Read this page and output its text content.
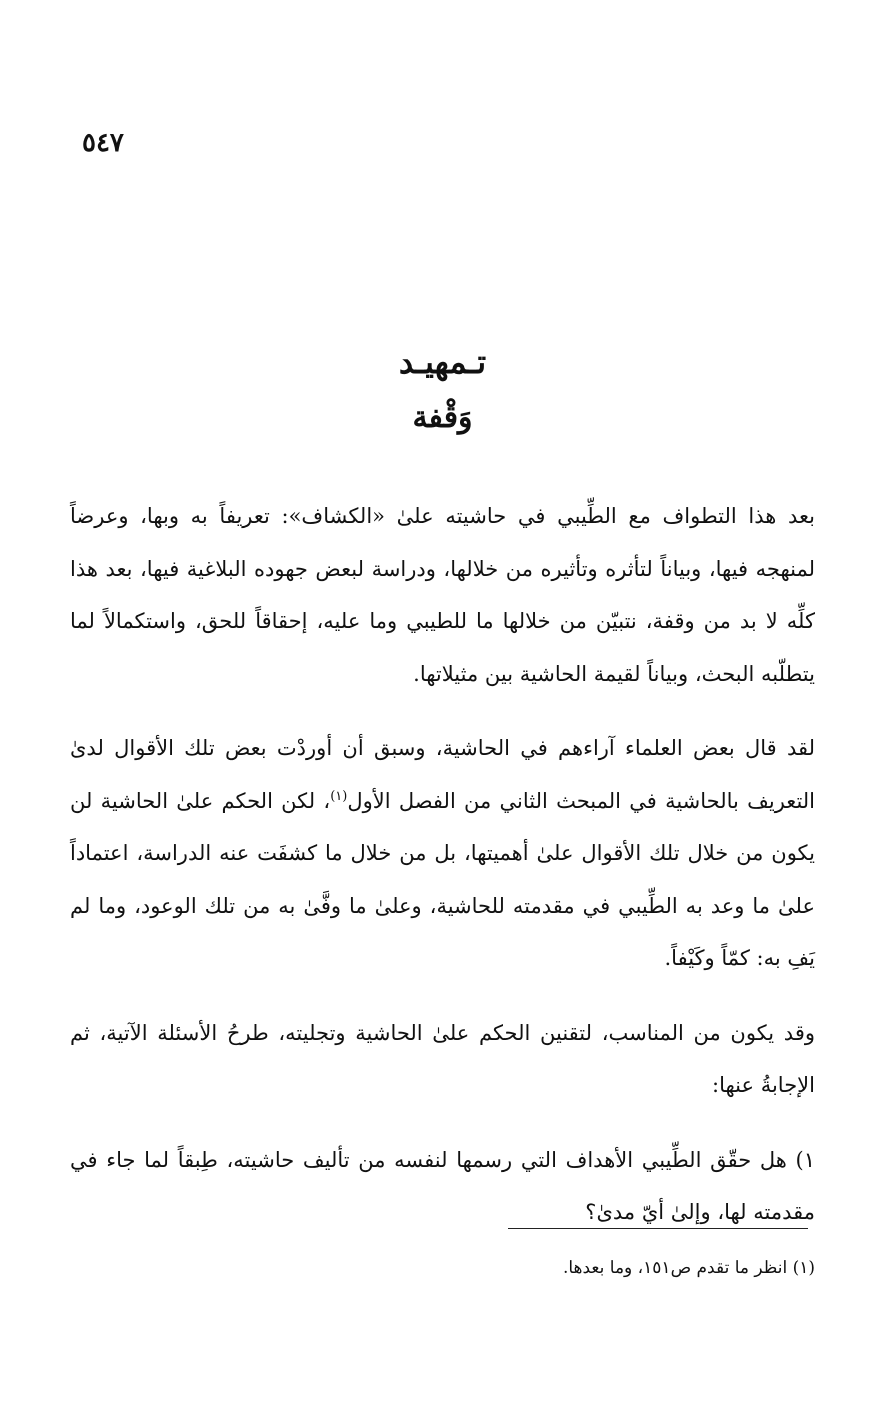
٥٤٧
تـمهيـد
وَقْفة

بعد هذا التطواف مع الطِّيبي في حاشيته علىٰ «الكشاف»: تعريفاً به وبها، وعرضاً لمنهجه فيها، وبياناً لتأثره وتأثيره من خلالها، ودراسة لبعض جهوده البلاغية فيها، بعد هذا كلِّه لا بد من وقفة، نتبيّن من خلالها ما للطيبي وما عليه، إحقاقاً للحق، واستكمالاً لما يتطلّبه البحث، وبياناً لقيمة الحاشية بين مثيلاتها.

لقد قال بعض العلماء آراءهم في الحاشية، وسبق أن أوردْت بعض تلك الأقوال لدىٰ التعريف بالحاشية في المبحث الثاني من الفصل الأول$^{(١)}$، لكن الحكم علىٰ الحاشية لن يكون من خلال تلك الأقوال علىٰ أهميتها، بل من خلال ما كشفَت عنه الدراسة، اعتماداً علىٰ ما وعد به الطِّيبي في مقدمته للحاشية، وعلىٰ ما وفَّىٰ به من تلك الوعود، وما لم يَفِ به: كمّاً وكَيْفاً.

وقد يكون من المناسب، لتقنين الحكم علىٰ الحاشية وتجليته، طرحُ الأسئلة الآتية، ثم الإجابةُ عنها:

١) هل حقّق الطِّيبي الأهداف التي رسمها لنفسه من تأليف حاشيته، طِبقاً لما جاء في مقدمته لها، وإلىٰ أيّ مدىٰ؟

(١) انظر ما تقدم ص١٥١، وما بعدها.
